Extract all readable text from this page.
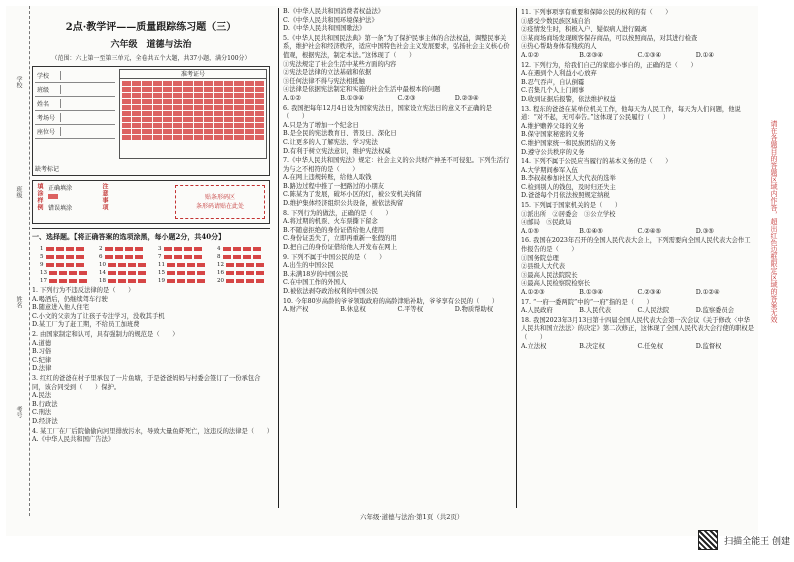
学校
班级
姓名
考号
2点·教学评——质量跟踪练习题（三）
六年级　道德与法治
（范围：六上第一至第三单元，全卷共五个大题，共37小题，满分100分）
学校
班级
姓名
考场号
座位号
准考证号
缺考标记
填涂样例 正确填涂
错误填涂	注意事项	贴条形码区
条形码请贴在此处
一、选择题。【将正确答案的选项涂黑，每小题2分，共40分】
1	2	3	4
5	6	7	8
9	10	11	12
13	14	15	16
17	18	19	20
1. 下列行为不违反法律的是（　　）
A.喝酒后，仍继续驾车行驶
B.随意进入他人住宅
C.小文的父亲为了让孩子专注学习，没收其手机
D.某工厂为了赶工期，不给员工加班费
2. 由国家制定和认可，具有强制力的规范是（　　）
A.道德
B.习俗
C.纪律
D.法律
3. 红红的爸爸在村子里承包了一片鱼塘，于是爸爸妈妈与村委会签订了一份承包合同，该合同受到（　　）保护。
A.民法
B.行政法
C.刑法
D.经济法
4. 某工厂在厂后院偷偷向河里排放污水，导致大量鱼虾死亡，这违反的法律是（　　）
A.《中华人民共和国广告法》
B.《中华人民共和国消费者权益法》
C.《中华人民共和国环境保护法》
D.《中华人民共和国国歌法》
5.《中华人民共和国民法典》第一条“为了保护民事主体的合法权益，调整民事关系，维护社会和经济秩序，适应中国特色社会主义发展要求，弘扬社会主义核心价值观，根据宪法，制定本法。”这体现了（　　）
①宪法规定了社会生活中某些方面的内容
②宪法是法律的立法基础和依据
③任何法律不得与宪法相抵触
④法律是依据宪法制定和实施的社会生活中最根本的问题
A.①②	B.①③④	C.②③	D.②③④
6. 我国把每年12月4日设为国家宪法日，国家设立宪法日的意义不正确的是（　　）
A.只是为了增加一个纪念日
B.是全民的宪法教育日、普及日、深化日
C.让更多的人了解宪法、学习宪法
D.有利于树立宪法意识，维护宪法权威
7.《中华人民共和国宪法》规定：社会主义的公共财产神圣不可侵犯。下列生活行为与之不相符的是（　　）
A.在网上违规转账，给他人取钱
B.路边过程中推了一把路过的小朋友
C.陈某为了发展，破坏小区的灯，被公安机关拘留
D.维护集体经济组织公共设备，被依法拘留
8. 下列行为的做法，正确的是（　　）
A.将过期的机票、火车票撕下留念
B.不随意拒绝的身份证借给他人使用
C.身份证丢失了，立即再重新一张假的用
D.把自己的身份证借给他人开发布在网上
9. 下列不属于中国公民的是（　　）
A.出生的中国公民
B.未满18岁的中国公民
C.在中国工作的外国人
D.被依法剥夺政治权利的中国公民
10. 今年80岁高龄的爷爷领取政府的高龄津贴补助，爷爷享有公民的（　　）
A.财产权	B.休息权	C.平等权	D.物质帮助权
11. 下列事项享有重要和保障公民的权利的有（　　）
①感受少数民族区域自治
②疫情发生时，积极入户、疑似病人进行隔离
③某商场商场发现顾客保存商品，可以按照商品，对其进行检查
④热心帮助身体有残疾的人
A.①②	B.②③④	C.①③④	D.①④
12. 下列行为，给我们自己的家庭小事自的，正确的是（　　）
A.在遇到个人利益小心放弃
B.忍气吞声，自认倒霉
C.召集几个人上门闹事
D.收到证据后报警，依法维护权益
13. 程东的爸爸在某单位机关工作，他每天为人民工作，每天为人们问题，他说道：“对不起，无可奉告。”这体现了公民履行（　　）
A.维护赡养父母的义务
B.保守国家秘密的义务
C.维护国家统一和民族团结的义务
D.遵守公共秩序的义务
14. 下列不属于公民应当履行的基本义务的是（　　）
A.大学期间参军入伍
B.李叔叔参加社区人大代表的选举
C.检到别人的钱包，及时归还失主
D.爸爸每个月依法按照规定纳税
15. 下列属于国家机关的是（　　）
①派出所　②居委会　③公立学校
④邮局　⑤民政局
A.①⑤	B.①④⑤	C.②④⑤	D.③⑤
16. 我国在2023年召开的全国人民代表大会上，下列需要向全国人民代表大会作工作报告的是（　　）
①国务院总理
②县级人大代表
③最高人民法院院长
④最高人民检察院检察长
A.①②③	B.①③④	C.②③④	D.①②④
17. “一府一委两院”中的“一府”指的是（　　）
A.人民政府	B.人民代表	C.人民法院	D.监察委员会
18. 我国2023年3月13日第十四届全国人民代表大会第一次会议《关于修改〈中华人民共和国立法法〉的决定》第二次修正，这体现了全国人民代表大会行使的职权是（　　）
A.立法权	B.决定权	C.任免权	D.监督权
请在各题目的答题区域内作答，超出红色边框限定区域的答案无效
六年级·道德与法治·第1页（共2页）
扫描全能王 创建
